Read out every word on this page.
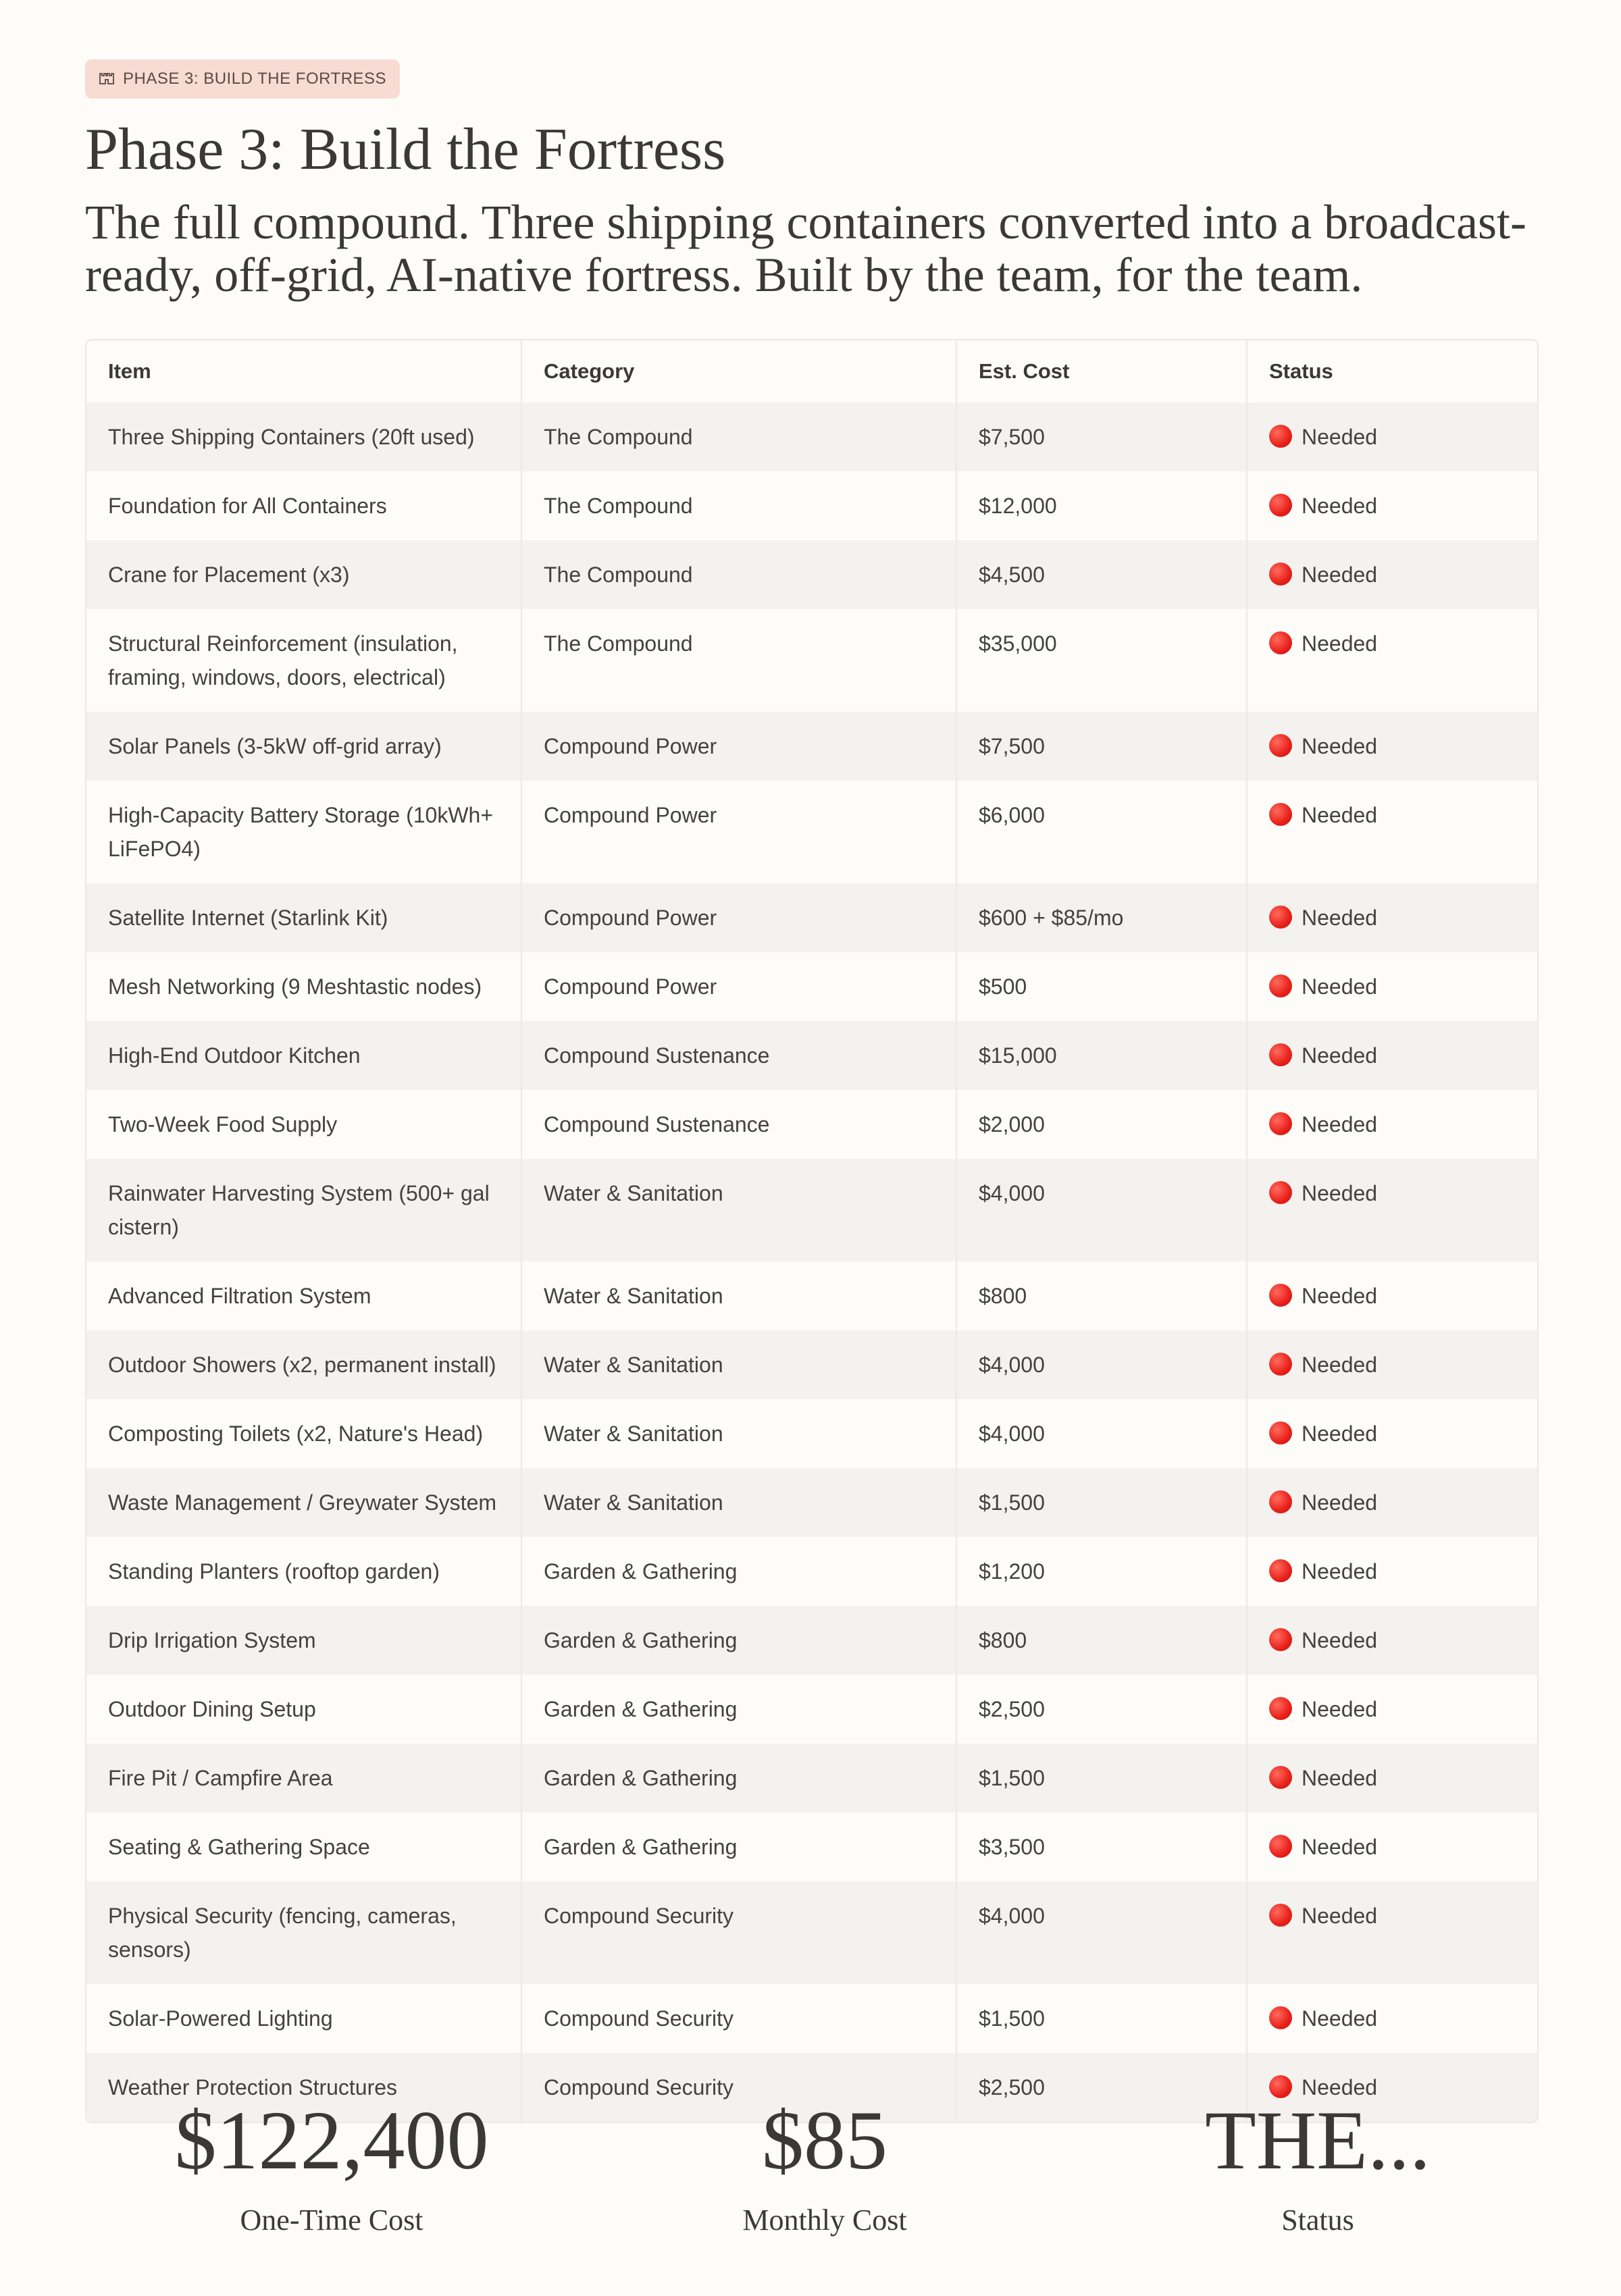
PHASE 3: BUILD THE FORTRESS
Phase 3: Build the Fortress
The full compound. Three shipping containers converted into a broadcast-ready, off-grid, AI-native fortress. Built by the team, for the team.
Item	Category	Est. Cost	Status
Three Shipping Containers (20ft used)	The Compound	$7,500	Needed
Foundation for All Containers	The Compound	$12,000	Needed
Crane for Placement (x3)	The Compound	$4,500	Needed
Structural Reinforcement (insulation, framing, windows, doors, electrical)	The Compound	$35,000	Needed
Solar Panels (3-5kW off-grid array)	Compound Power	$7,500	Needed
High-Capacity Battery Storage (10kWh+ LiFePO4)	Compound Power	$6,000	Needed
Satellite Internet (Starlink Kit)	Compound Power	$600 + $85/mo	Needed
Mesh Networking (9 Meshtastic nodes)	Compound Power	$500	Needed
High-End Outdoor Kitchen	Compound Sustenance	$15,000	Needed
Two-Week Food Supply	Compound Sustenance	$2,000	Needed
Rainwater Harvesting System (500+ gal cistern)	Water & Sanitation	$4,000	Needed
Advanced Filtration System	Water & Sanitation	$800	Needed
Outdoor Showers (x2, permanent install)	Water & Sanitation	$4,000	Needed
Composting Toilets (x2, Nature's Head)	Water & Sanitation	$4,000	Needed
Waste Management / Greywater System	Water & Sanitation	$1,500	Needed
Standing Planters (rooftop garden)	Garden & Gathering	$1,200	Needed
Drip Irrigation System	Garden & Gathering	$800	Needed
Outdoor Dining Setup	Garden & Gathering	$2,500	Needed
Fire Pit / Campfire Area	Garden & Gathering	$1,500	Needed
Seating & Gathering Space	Garden & Gathering	$3,500	Needed
Physical Security (fencing, cameras, sensors)	Compound Security	$4,000	Needed
Solar-Powered Lighting	Compound Security	$1,500	Needed
Weather Protection Structures	Compound Security	$2,500	Needed
$122,400
One-Time Cost
$85
Monthly Cost
THE...
Status
